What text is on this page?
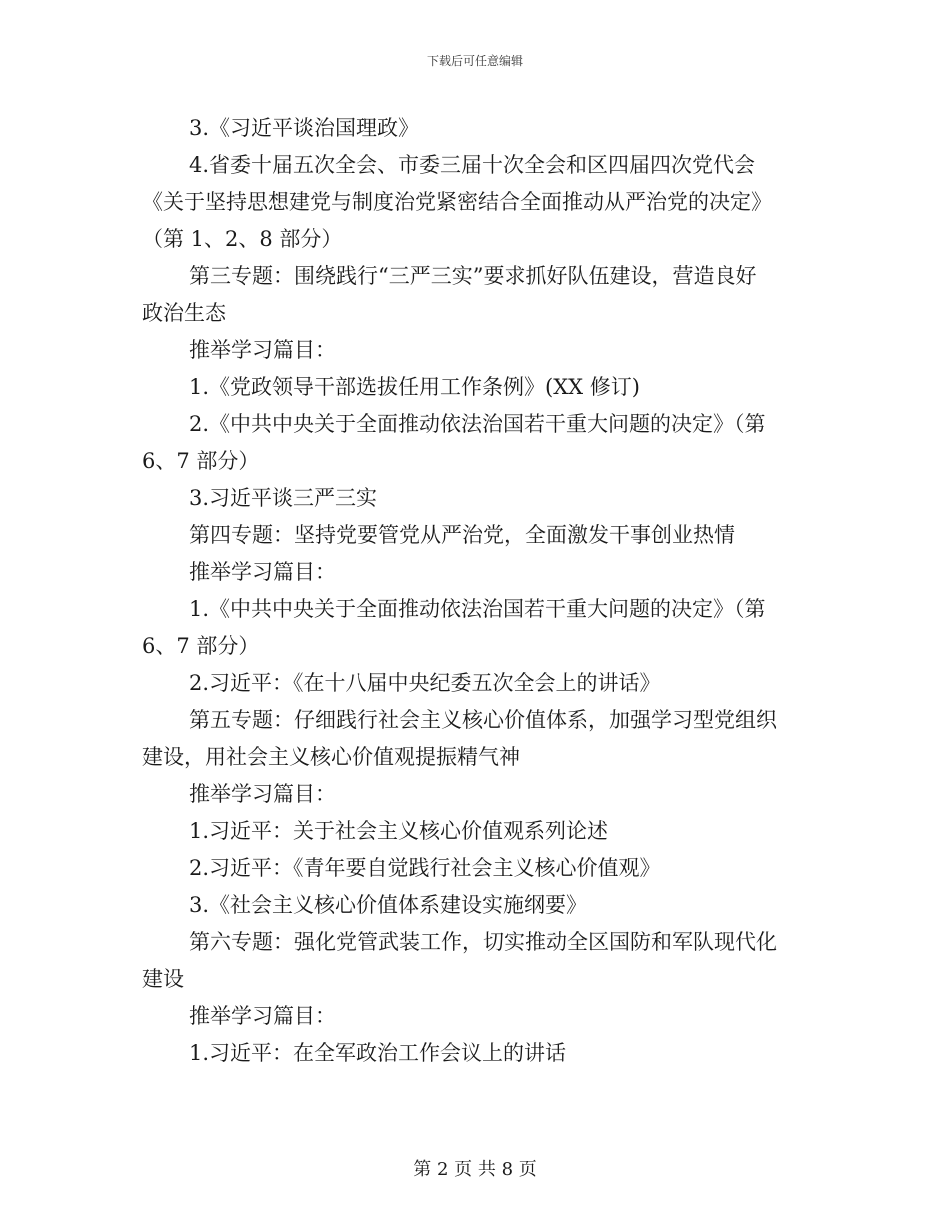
下载后可任意编辑
3.《习近平谈治国理政》
4.省委十届五次全会、市委三届十次全会和区四届四次党代会
《关于坚持思想建党与制度治党紧密结合全面推动从严治党的决定》
（第 1、2、8 部分）
第三专题：围绕践行“三严三实”要求抓好队伍建设，营造良好
政治生态
推举学习篇目：
1.《党政领导干部选拔任用工作条例》(XX 修订)
2.《中共中央关于全面推动依法治国若干重大问题的决定》（第
6、7 部分）
3.习近平谈三严三实
第四专题：坚持党要管党从严治党，全面激发干事创业热情
推举学习篇目：
1.《中共中央关于全面推动依法治国若干重大问题的决定》（第
6、7 部分）
2.习近平：《在十八届中央纪委五次全会上的讲话》
第五专题：仔细践行社会主义核心价值体系，加强学习型党组织
建设，用社会主义核心价值观提振精气神
推举学习篇目：
1.习近平：关于社会主义核心价值观系列论述
2.习近平：《青年要自觉践行社会主义核心价值观》
3.《社会主义核心价值体系建设实施纲要》
第六专题：强化党管武装工作，切实推动全区国防和军队现代化
建设
推举学习篇目：
1.习近平：在全军政治工作会议上的讲话
第 2 页 共 8 页
